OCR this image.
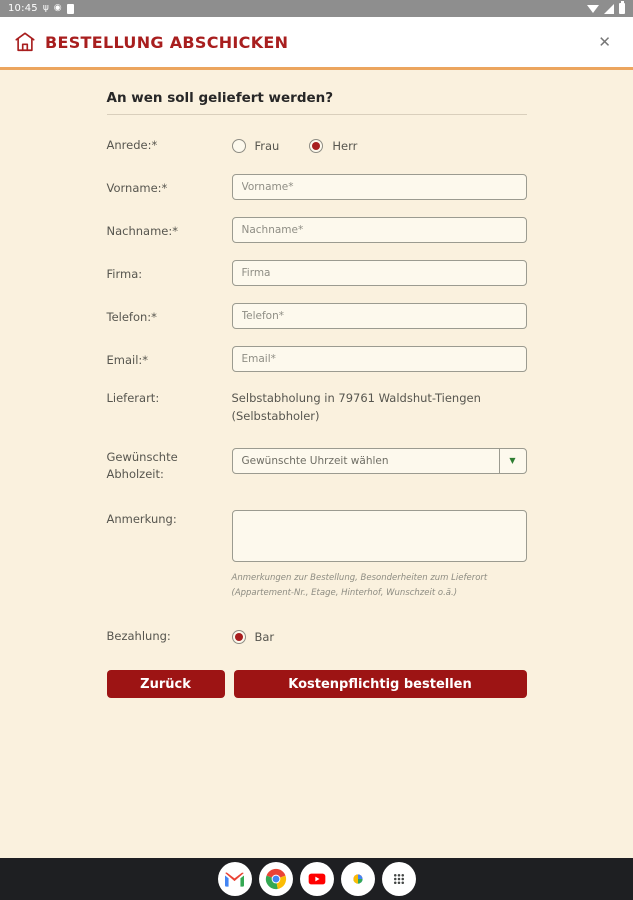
10:45 ψ ◉
BESTELLUNG ABSCHICKEN	✕
An wen soll geliefert werden?
Anrede:*	Frau	Herr
Vorname:*
Vorname*
Nachname:*
Nachname*
Firma:
Firma
Telefon:*
Telefon*
Email:*
Email*
Lieferart:	Selbstabholung in 79761 Waldshut-Tiengen (Selbstabholer)
Gewünschte Abholzeit:
Gewünschte Uhrzeit wählen	▼
Anmerkung:
Anmerkungen zur Bestellung, Besonderheiten zum Lieferort (Appartement-Nr., Etage, Hinterhof, Wunschzeit o.ä.)
Bezahlung:	Bar
Zurück	Kostenpflichtig bestellen
